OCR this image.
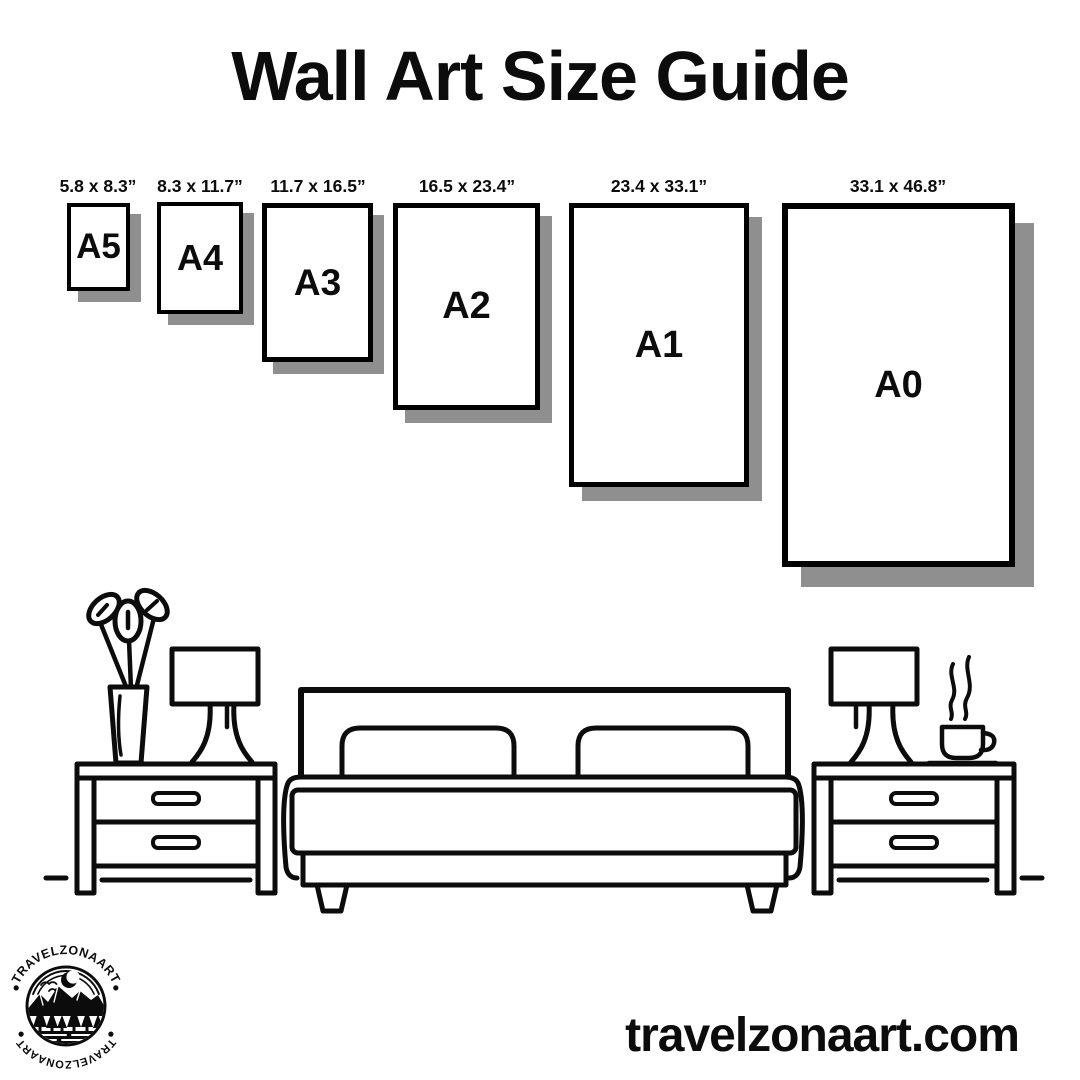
Wall Art Size Guide
5.8 x 8.3”	8.3 x 11.7”	11.7 x 16.5”	16.5 x 23.4”	23.4 x 33.1”	33.1 x 46.8”
A5 A4
A3
A2
A1
A0
TRAVELZONAART
TRAVELZONAART	travelzonaart.com
